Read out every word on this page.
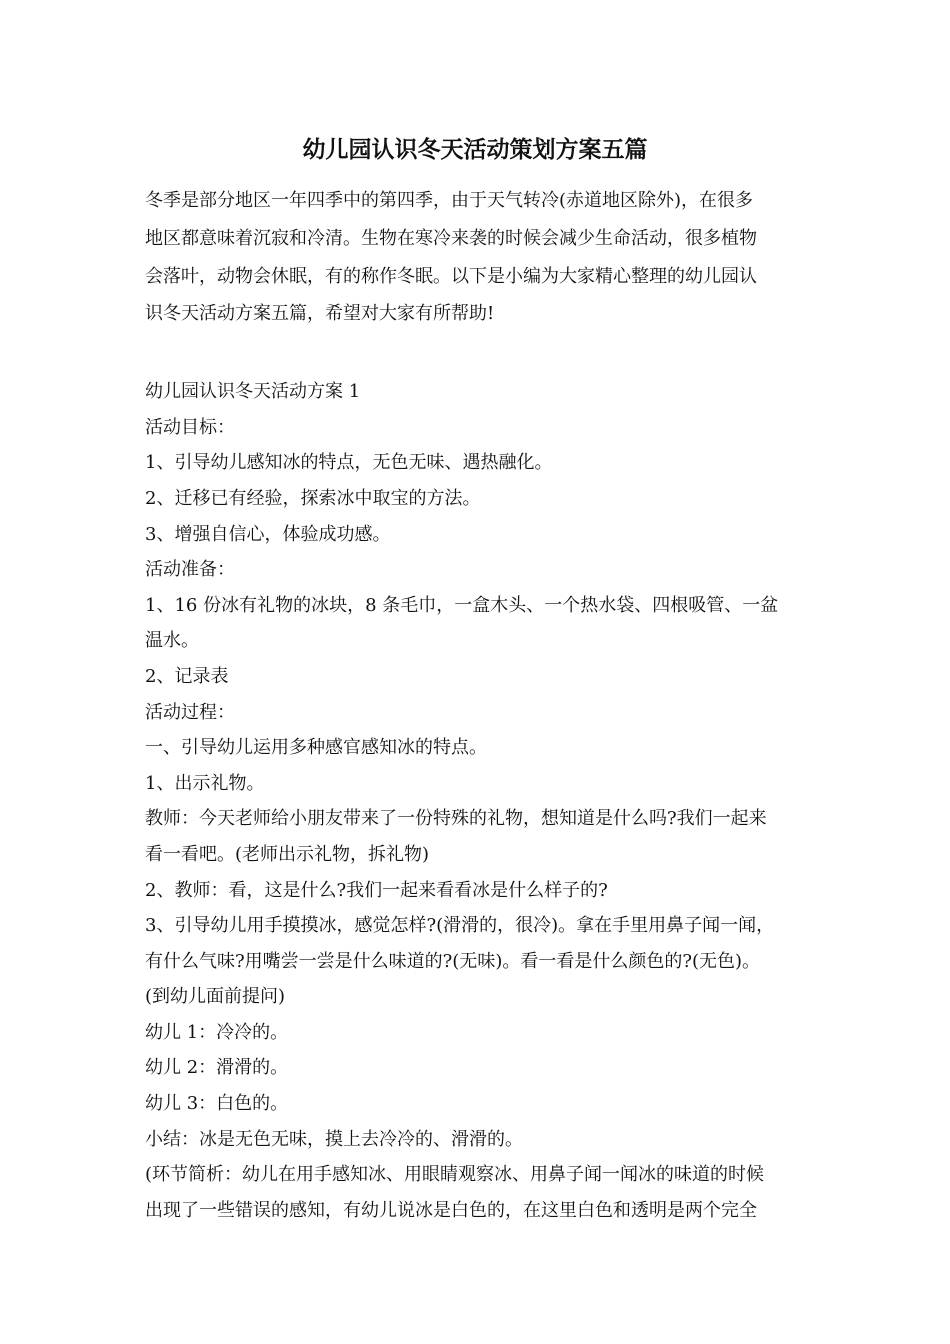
幼儿园认识冬天活动策划方案五篇

冬季是部分地区一年四季中的第四季，由于天气转冷(赤道地区除外)，在很多

地区都意味着沉寂和冷清。生物在寒冷来袭的时候会减少生命活动，很多植物

会落叶，动物会休眠，有的称作冬眠。以下是小编为大家精心整理的幼儿园认

识冬天活动方案五篇，希望对大家有所帮助!

幼儿园认识冬天活动方案 1

活动目标：

1、引导幼儿感知冰的特点，无色无味、遇热融化。

2、迁移已有经验，探索冰中取宝的方法。

3、增强自信心，体验成功感。

活动准备：

1、16 份冰有礼物的冰块，8 条毛巾，一盒木头、一个热水袋、四根吸管、一盆

温水。

2、记录表

活动过程：

一、引导幼儿运用多种感官感知冰的特点。

1、出示礼物。

教师：今天老师给小朋友带来了一份特殊的礼物，想知道是什么吗?我们一起来

看一看吧。(老师出示礼物，拆礼物)

2、教师：看，这是什么?我们一起来看看冰是什么样子的?

3、引导幼儿用手摸摸冰，感觉怎样?(滑滑的，很冷)。拿在手里用鼻子闻一闻，

有什么气味?用嘴尝一尝是什么味道的?(无味)。看一看是什么颜色的?(无色)。

(到幼儿面前提问)

幼儿 1：冷冷的。

幼儿 2：滑滑的。

幼儿 3：白色的。

小结：冰是无色无味，摸上去冷冷的、滑滑的。

(环节简析：幼儿在用手感知冰、用眼睛观察冰、用鼻子闻一闻冰的味道的时候

出现了一些错误的感知，有幼儿说冰是白色的，在这里白色和透明是两个完全
